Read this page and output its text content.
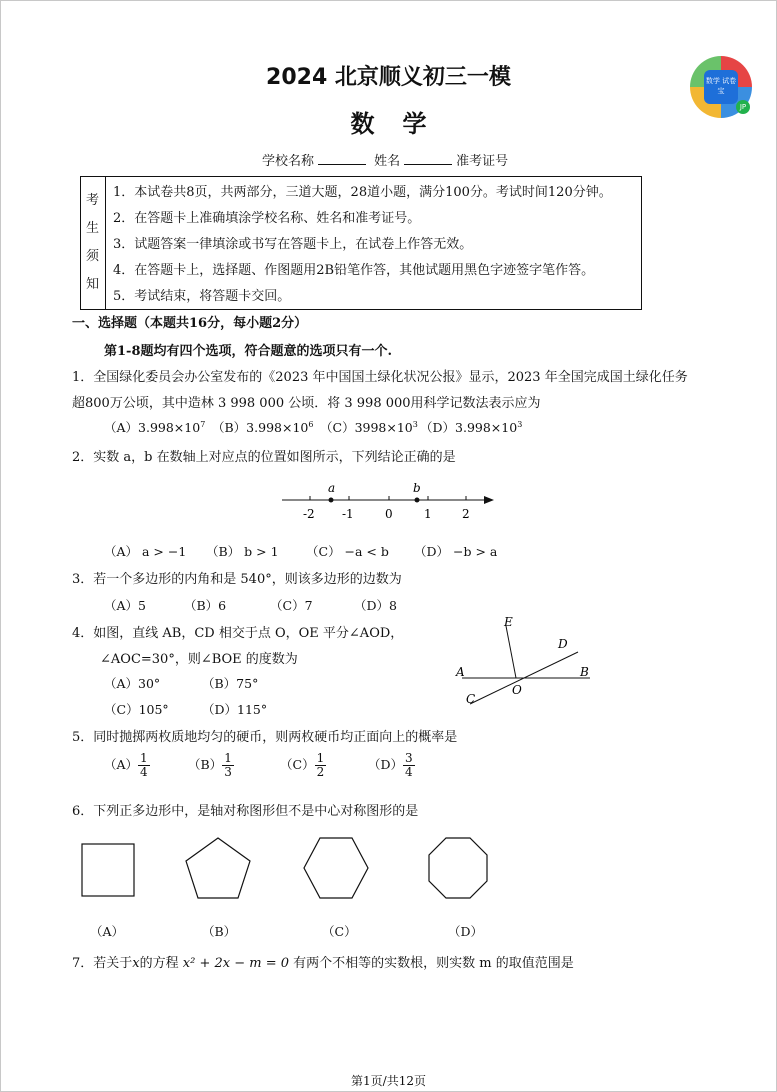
2024 北京顺义初三一模
数学
数学 试卷宝
JP
学校名称	姓名	准考证号
考
生
须
知
1．本试卷共8页，共两部分，三道大题，28道小题，满分100分。考试时间120分钟。
2．在答题卡上准确填涂学校名称、姓名和准考证号。
3．试题答案一律填涂或书写在答题卡上，在试卷上作答无效。
4．在答题卡上，选择题、作图题用2B铅笔作答，其他试题用黑色字迹签字笔作答。
5．考试结束，将答题卡交回。
一、选择题（本题共16分，每小题2分）
第1-8题均有四个选项，符合题意的选项只有一个.
1．全国绿化委员会办公室发布的《2023 年中国国土绿化状况公报》显示，2023 年全国完成国土绿化任务
超800万公顷，其中造林 3 998 000 公顷．将 3 998 000用科学记数法表示应为
$(A)3.998\times 10^7$ $(B)3.998\times 10^6$ $(C)3998\times 10^3$ $(D)3.998\times 10^3$
2．实数 a，b 在数轴上对应点的位置如图所示，下列结论正确的是
a	b
-2 -1	0	1	2
（A） a > −1 （B） b > 1 （C） −a < b （D） −b > a
3．若一个多边形的内角和是 540°，则该多边形的边数为
（A）5	（B）6	（C）7	（D）8
4．如图，直线 AB，CD 相交于点 O，OE 平分∠AOD，
∠AOC=30°，则∠BOE 的度数为
（A）30°	（B）75°
（C）105°	（D）115°
A	B
C
D
E
O
5．同时抛掷两枚质地均匀的硬币，则两枚硬币均正面向上的概率是
$(A) \frac{1}{4}$	$(B) \frac{1}{3}$	$(C) \frac{1}{2}$	$(D) \frac{3}{4}$
6．下列正多边形中，是轴对称图形但不是中心对称图形的是
（A）	（B）	（C）	（D）
7．若关于x的方程 x² + 2x − m = 0 有两个不相等的实数根，则实数 m 的取值范围是
第1页/共12页
